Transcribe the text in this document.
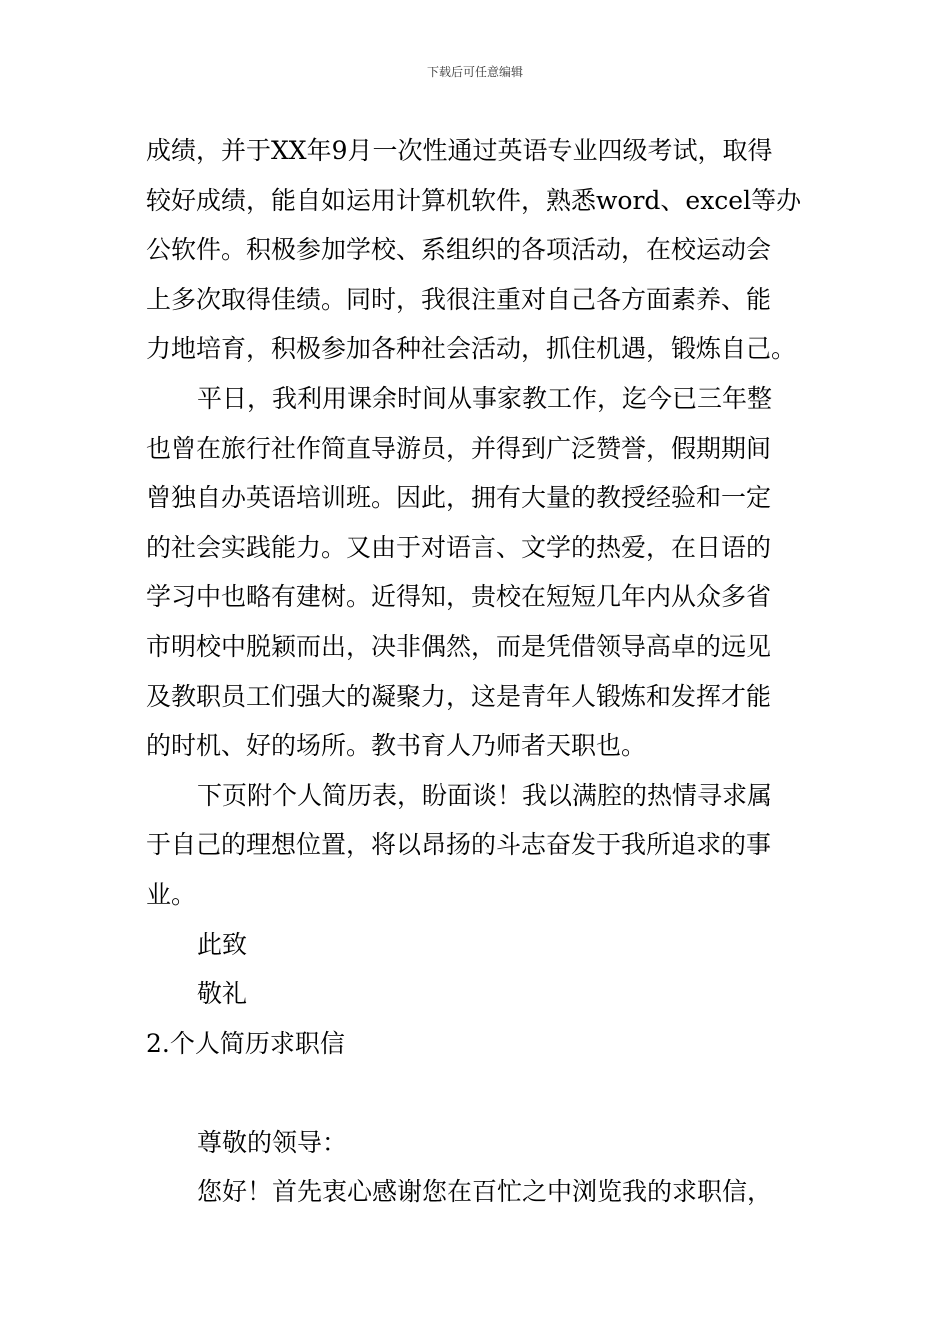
下载后可任意编辑
成绩，并于XX年9月一次性通过英语专业四级考试，取得
较好成绩，能自如运用计算机软件，熟悉word、excel等办
公软件。积极参加学校、系组织的各项活动，在校运动会
上多次取得佳绩。同时，我很注重对自己各方面素养、能
力地培育，积极参加各种社会活动，抓住机遇，锻炼自己。
平日，我利用课余时间从事家教工作，迄今已三年整
也曾在旅行社作简直导游员，并得到广泛赞誉，假期期间
曾独自办英语培训班。因此，拥有大量的教授经验和一定
的社会实践能力。又由于对语言、文学的热爱，在日语的
学习中也略有建树。近得知，贵校在短短几年内从众多省
市明校中脱颖而出，决非偶然，而是凭借领导高卓的远见
及教职员工们强大的凝聚力，这是青年人锻炼和发挥才能
的时机、好的场所。教书育人乃师者天职也。
下页附个人简历表，盼面谈！我以满腔的热情寻求属
于自己的理想位置，将以昂扬的斗志奋发于我所追求的事
业。
此致
敬礼
2.个人简历求职信
尊敬的领导：
您好！首先衷心感谢您在百忙之中浏览我的求职信，
